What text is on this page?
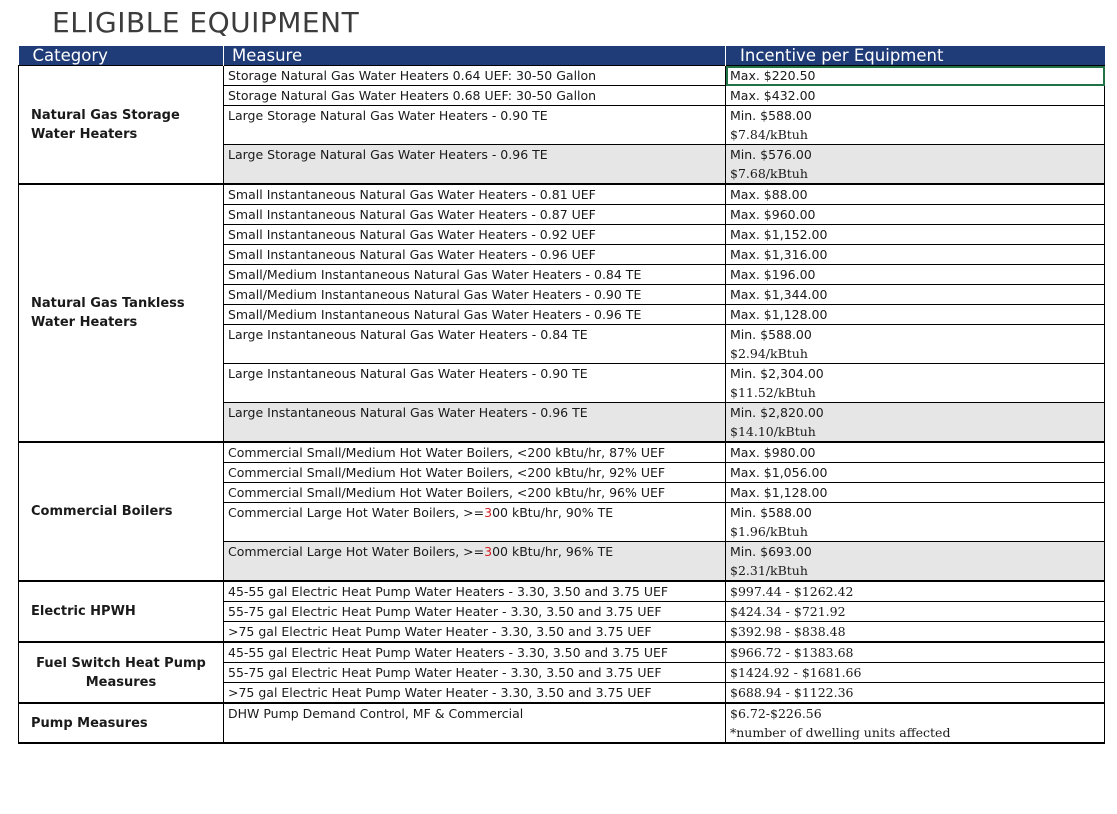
ELIGIBLE EQUIPMENT
Category	Measure	Incentive per Equipment
Natural Gas Storage Water Heaters	Storage Natural Gas Water Heaters 0.64 UEF: 30-50 Gallon	Max. $220.50

	Storage Natural Gas Water Heaters 0.68 UEF: 30-50 Gallon	Max. $432.00

	Large Storage Natural Gas Water Heaters - 0.90 TE	Min. $588.00
$7.84/kBtuh

	Large Storage Natural Gas Water Heaters - 0.96 TE	Min. $576.00
$7.68/kBtuh

Natural Gas Tankless Water Heaters	Small Instantaneous Natural Gas Water Heaters - 0.81 UEF	Max. $88.00

	Small Instantaneous Natural Gas Water Heaters - 0.87 UEF	Max. $960.00

	Small Instantaneous Natural Gas Water Heaters - 0.92 UEF	Max. $1,152.00

	Small Instantaneous Natural Gas Water Heaters - 0.96 UEF	Max. $1,316.00

	Small/Medium Instantaneous Natural Gas Water Heaters - 0.84 TE	Max. $196.00

	Small/Medium Instantaneous Natural Gas Water Heaters - 0.90 TE	Max. $1,344.00

	Small/Medium Instantaneous Natural Gas Water Heaters - 0.96 TE	Max. $1,128.00

	Large Instantaneous Natural Gas Water Heaters - 0.84 TE	Min. $588.00
$2.94/kBtuh

	Large Instantaneous Natural Gas Water Heaters - 0.90 TE	Min. $2,304.00
$11.52/kBtuh

	Large Instantaneous Natural Gas Water Heaters - 0.96 TE	Min. $2,820.00
$14.10/kBtuh

Commercial Boilers	Commercial Small/Medium Hot Water Boilers, <200 kBtu/hr, 87% UEF	Max. $980.00

	Commercial Small/Medium Hot Water Boilers, <200 kBtu/hr, 92% UEF	Max. $1,056.00

	Commercial Small/Medium Hot Water Boilers, <200 kBtu/hr, 96% UEF	Max. $1,128.00

	Commercial Large Hot Water Boilers, >=300 kBtu/hr, 90% TE	Min. $588.00
$1.96/kBtuh

	Commercial Large Hot Water Boilers, >=300 kBtu/hr, 96% TE	Min. $693.00
$2.31/kBtuh

Electric HPWH	45-55 gal Electric Heat Pump Water Heaters - 3.30, 3.50 and 3.75 UEF	$997.44 - $1262.42

	55-75 gal Electric Heat Pump Water Heater - 3.30, 3.50 and 3.75 UEF	$424.34 - $721.92

	>75 gal Electric Heat Pump Water Heater - 3.30, 3.50 and 3.75 UEF	$392.98 - $838.48

Fuel Switch Heat Pump Measures	45-55 gal Electric Heat Pump Water Heaters - 3.30, 3.50 and 3.75 UEF	$966.72 - $1383.68

	55-75 gal Electric Heat Pump Water Heater - 3.30, 3.50 and 3.75 UEF	$1424.92 - $1681.66

	>75 gal Electric Heat Pump Water Heater - 3.30, 3.50 and 3.75 UEF	$688.94 - $1122.36

Pump Measures	DHW Pump Demand Control, MF & Commercial	$6.72-$226.56
*number of dwelling units affected
